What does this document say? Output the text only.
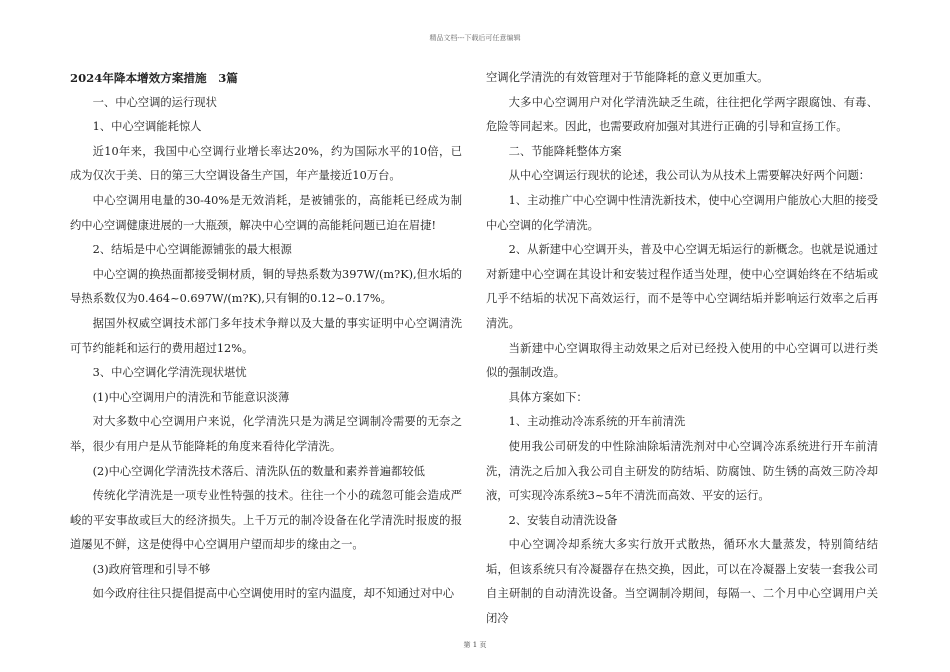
精品文档---下载后可任意编辑

2024年降本增效方案措施　3篇

一、中心空调的运行现状

1、中心空调能耗惊人

近10年来，我国中心空调行业增长率达20%，约为国际水平的10倍，已成为仅次于美、日的第三大空调设备生产国，年产量接近10万台。

中心空调用电量的30-40%是无效消耗，是被铺张的，高能耗已经成为制约中心空调健康进展的一大瓶颈，解决中心空调的高能耗问题已迫在眉捷!

2、结垢是中心空调能源铺张的最大根源

中心空调的换热面都接受铜材质，铜的导热系数为397W/(m?K),但水垢的导热系数仅为0.464~0.697W/(m?K),只有铜的0.12~0.17%。

据国外权威空调技术部门多年技术争辩以及大量的事实证明中心空调清洗可节约能耗和运行的费用超过12%。

3、中心空调化学清洗现状堪忧

(1)中心空调用户的清洗和节能意识淡薄

对大多数中心空调用户来说，化学清洗只是为满足空调制冷需要的无奈之举，很少有用户是从节能降耗的角度来看待化学清洗。

(2)中心空调化学清洗技术落后、清洗队伍的数量和素养普遍都较低

传统化学清洗是一项专业性特强的技术。往往一个小的疏忽可能会造成严峻的平安事故或巨大的经济损失。上千万元的制冷设备在化学清洗时报废的报道屡见不鲜，这是使得中心空调用户望而却步的缘由之一。

(3)政府管理和引导不够

如今政府往往只提倡提高中心空调使用时的室内温度，却不知通过对中心

空调化学清洗的有效管理对于节能降耗的意义更加重大。

大多中心空调用户对化学清洗缺乏生疏，往往把化学两字跟腐蚀、有毒、危险等同起来。因此，也需要政府加强对其进行正确的引导和宣扬工作。

二、节能降耗整体方案

从中心空调运行现状的论述，我公司认为从技术上需要解决好两个问题：

1、主动推广中心空调中性清洗新技术，使中心空调用户能放心大胆的接受中心空调的化学清洗。

2、从新建中心空调开头，普及中心空调无垢运行的新概念。也就是说通过对新建中心空调在其设计和安装过程作适当处理，使中心空调始终在不结垢或几乎不结垢的状况下高效运行，而不是等中心空调结垢并影响运行效率之后再清洗。

当新建中心空调取得主动效果之后对已经投入使用的中心空调可以进行类似的强制改造。

具体方案如下：

1、主动推动冷冻系统的开车前清洗

使用我公司研发的中性除油除垢清洗剂对中心空调冷冻系统进行开车前清洗，清洗之后加入我公司自主研发的防结垢、防腐蚀、防生锈的高效三防冷却液，可实现冷冻系统3~5年不清洗而高效、平安的运行。

2、安装自动清洗设备

中心空调冷却系统大多实行放开式散热，循环水大量蒸发，特别简结结垢，但该系统只有冷凝器存在热交换，因此，可以在冷凝器上安装一套我公司自主研制的自动清洗设备。当空调制冷期间，每隔一、二个月中心空调用户关闭冷

第 1 页
